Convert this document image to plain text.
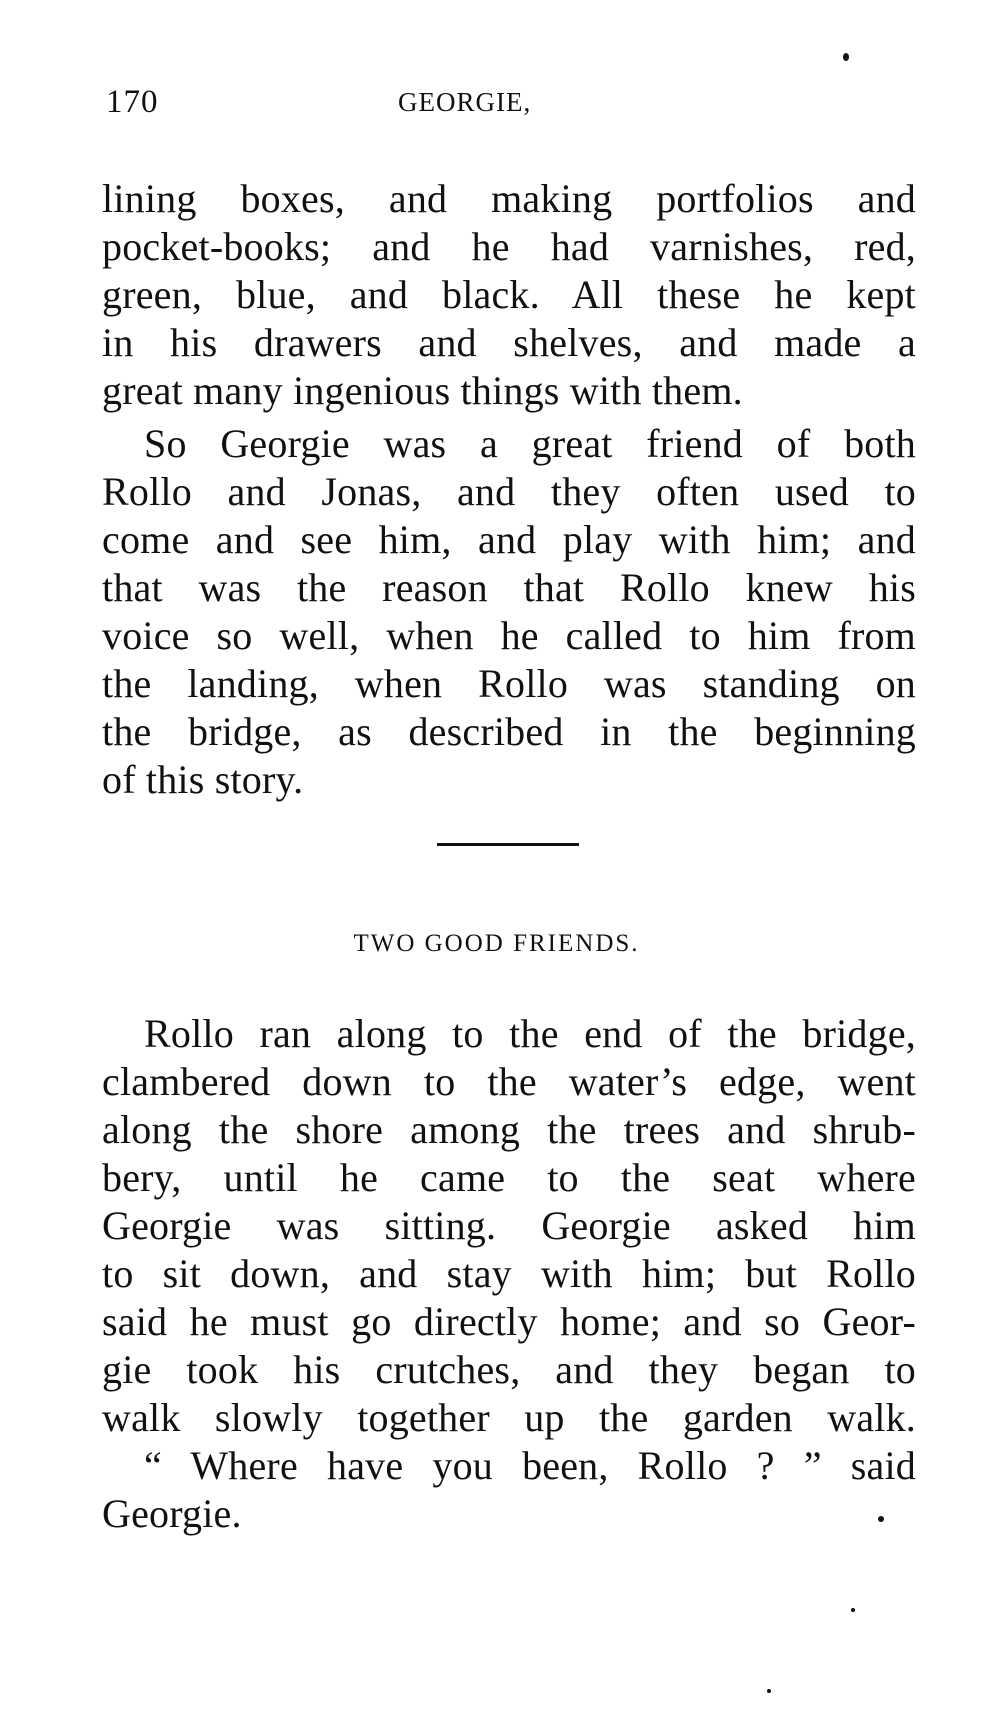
170	GEORGIE,
lining boxes, and making portfolios and
pocket-books; and he had varnishes, red,
green, blue, and black. All these he kept
in his drawers and shelves, and made a
great many ingenious things with them.
So Georgie was a great friend of both
Rollo and Jonas, and they often used to
come and see him, and play with him; and
that was the reason that Rollo knew his
voice so well, when he called to him from
the landing, when Rollo was standing on
the bridge, as described in the beginning
of this story.
TWO GOOD FRIENDS.
Rollo ran along to the end of the bridge,
clambered down to the water’s edge, went
along the shore among the trees and shrub-
bery, until he came to the seat where
Georgie was sitting. Georgie asked him
to sit down, and stay with him; but Rollo
said he must go directly home; and so Geor-
gie took his crutches, and they began to
walk slowly together up the garden walk.
“ Where have you been, Rollo ? ” said
Georgie.
